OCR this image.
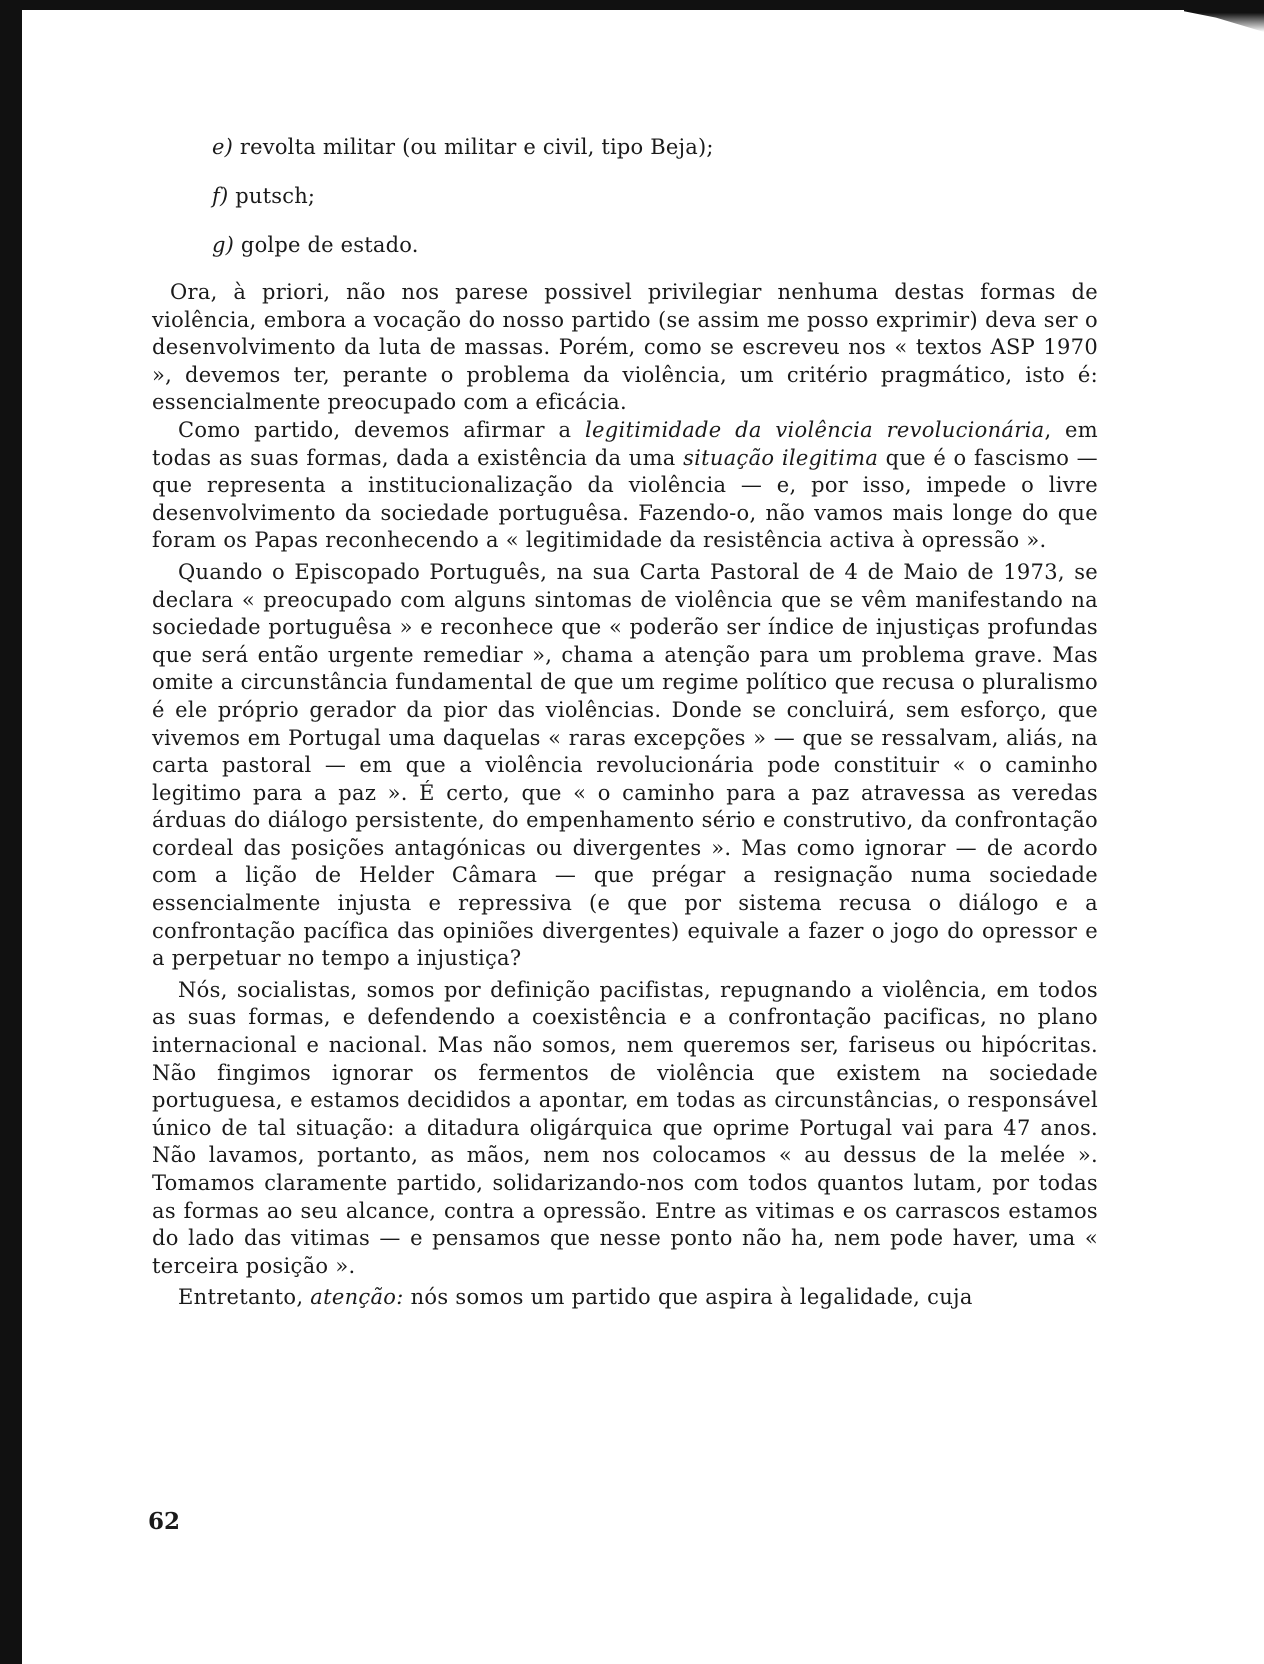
e) revolta militar (ou militar e civil, tipo Beja);
f) putsch;
g) golpe de estado.

Ora, à priori, não nos parese possivel privilegiar nenhuma destas formas de violência, embora a vocação do nosso partido (se assim me posso exprimir) deva ser o desenvolvimento da luta de massas. Porém, como se escreveu nos « textos ASP 1970 », devemos ter, perante o problema da violência, um critério pragmático, isto é: essencialmente preocupado com a eficácia.

Como partido, devemos afirmar a legitimidade da violência revolucionária, em todas as suas formas, dada a existência da uma situação ilegitima que é o fascismo — que representa a institucionalização da violência — e, por isso, impede o livre desenvolvimento da sociedade portuguêsa. Fazendo-o, não vamos mais longe do que foram os Papas reconhecendo a « legitimidade da resistência activa à opressão ».

Quando o Episcopado Português, na sua Carta Pastoral de 4 de Maio de 1973, se declara « preocupado com alguns sintomas de violência que se vêm manifestando na sociedade portuguêsa » e reconhece que « poderão ser índice de injustiças profundas que será então urgente remediar », chama a atenção para um problema grave. Mas omite a circunstância fundamental de que um regime político que recusa o pluralismo é ele próprio gerador da pior das violências. Donde se concluirá, sem esforço, que vivemos em Portugal uma daquelas « raras excepções » — que se ressalvam, aliás, na carta pastoral — em que a violência revolucionária pode constituir « o caminho legitimo para a paz ». É certo, que « o caminho para a paz atravessa as veredas árduas do diálogo persistente, do empenhamento sério e construtivo, da confrontação cordeal das posições antagónicas ou divergentes ». Mas como ignorar — de acordo com a lição de Helder Câmara — que prégar a resignação numa sociedade essencialmente injusta e repressiva (e que por sistema recusa o diálogo e a confrontação pacífica das opiniões divergentes) equivale a fazer o jogo do opressor e a perpetuar no tempo a injustiça?

Nós, socialistas, somos por definição pacifistas, repugnando a violência, em todos as suas formas, e defendendo a coexistência e a confrontação pacificas, no plano internacional e nacional. Mas não somos, nem queremos ser, fariseus ou hipócritas. Não fingimos ignorar os fermentos de violência que existem na sociedade portuguesa, e estamos decididos a apontar, em todas as circunstâncias, o responsável único de tal situação: a ditadura oligárquica que oprime Portugal vai para 47 anos. Não lavamos, portanto, as mãos, nem nos colocamos « au dessus de la melée ». Tomamos claramente partido, solidarizando-nos com todos quantos lutam, por todas as formas ao seu alcance, contra a opressão. Entre as vitimas e os carrascos estamos do lado das vitimas — e pensamos que nesse ponto não ha, nem pode haver, uma « terceira posição ».

Entretanto, atenção: nós somos um partido que aspira à legalidade, cuja

62
